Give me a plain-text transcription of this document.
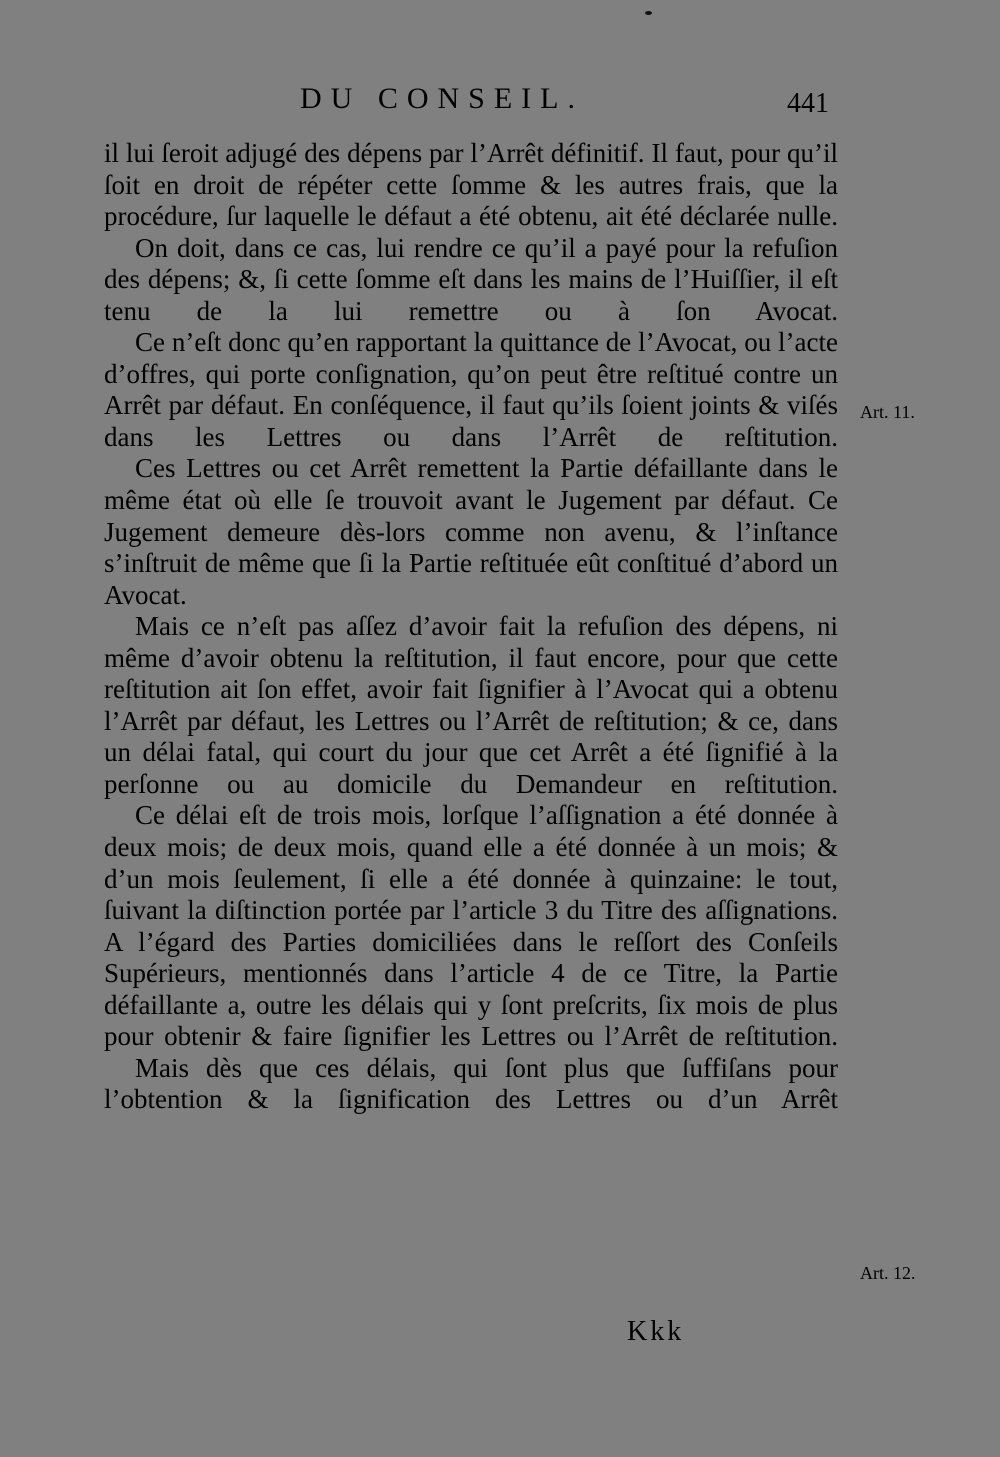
DU CONSEIL.	441

il lui ſeroit adjugé des dépens par l’Arrêt définitif. Il faut, pour qu’il ſoit en droit de répéter cette ſomme & les autres frais, que la procédure, ſur laquelle le défaut a été obtenu, ait été déclarée nulle.

On doit, dans ce cas, lui rendre ce qu’il a payé pour la refuſion des dépens; &, ſi cette ſomme eſt dans les mains de l’Huiſſier, il eſt tenu de la lui remettre ou à ſon Avocat.

Ce n’eſt donc qu’en rapportant la quittance de l’Avocat, ou l’acte d’offres, qui porte conſignation, qu’on peut être reſtitué contre un Arrêt par défaut. En conſéquence, il faut qu’ils ſoient joints & viſés dans les Lettres ou dans l’Arrêt de reſtitution.

Ces Lettres ou cet Arrêt remettent la Partie défaillante dans le même état où elle ſe trouvoit avant le Jugement par défaut. Ce Jugement demeure dès-lors comme non avenu, & l’inſtance s’inſtruit de même que ſi la Partie reſtituée eût conſtitué d’abord un Avocat.

Mais ce n’eſt pas aſſez d’avoir fait la refuſion des dépens, ni même d’avoir obtenu la reſtitution, il faut encore, pour que cette reſtitution ait ſon effet, avoir fait ſignifier à l’Avocat qui a obtenu l’Arrêt par défaut, les Lettres ou l’Arrêt de reſtitution; & ce, dans un délai fatal, qui court du jour que cet Arrêt a été ſignifié à la perſonne ou au domicile du Demandeur en reſtitution.

Ce délai eſt de trois mois, lorſque l’aſſignation a été donnée à deux mois; de deux mois, quand elle a été donnée à un mois; & d’un mois ſeulement, ſi elle a été donnée à quinzaine: le tout, ſuivant la diſtinction portée par l’article 3 du Titre des aſſignations. A l’égard des Parties domiciliées dans le reſſort des Conſeils Supérieurs, mentionnés dans l’article 4 de ce Titre, la Partie défaillante a, outre les délais qui y ſont preſcrits, ſix mois de plus pour obtenir & faire ſignifier les Lettres ou l’Arrêt de reſtitution.

Mais dès que ces délais, qui ſont plus que ſuffiſans pour l’obtention & la ſignification des Lettres ou d’un Arrêt

Art. 11.
Art. 12.
Kkk
